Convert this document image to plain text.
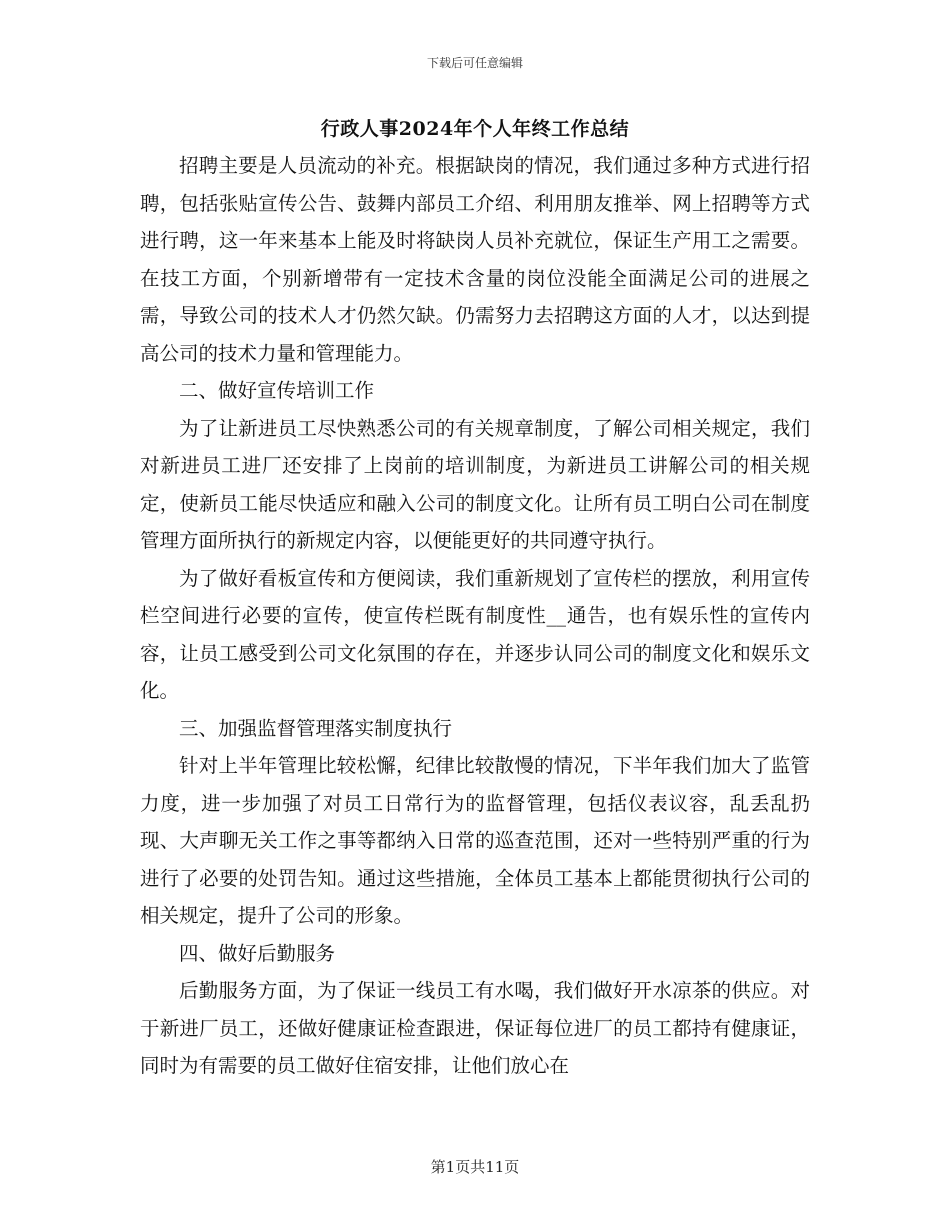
下载后可任意编辑
行政人事2024年个人年终工作总结

招聘主要是人员流动的补充。根据缺岗的情况，我们通过多种方式进行招聘，包括张贴宣传公告、鼓舞内部员工介绍、利用朋友推举、网上招聘等方式进行聘，这一年来基本上能及时将缺岗人员补充就位，保证生产用工之需要。在技工方面，个别新增带有一定技术含量的岗位没能全面满足公司的进展之需，导致公司的技术人才仍然欠缺。仍需努力去招聘这方面的人才，以达到提高公司的技术力量和管理能力。

二、做好宣传培训工作

为了让新进员工尽快熟悉公司的有关规章制度，了解公司相关规定，我们对新进员工进厂还安排了上岗前的培训制度，为新进员工讲解公司的相关规定，使新员工能尽快适应和融入公司的制度文化。让所有员工明白公司在制度管理方面所执行的新规定内容，以便能更好的共同遵守执行。

为了做好看板宣传和方便阅读，我们重新规划了宣传栏的摆放，利用宣传栏空间进行必要的宣传，使宣传栏既有制度性__通告，也有娱乐性的宣传内容，让员工感受到公司文化氛围的存在，并逐步认同公司的制度文化和娱乐文化。

三、加强监督管理落实制度执行

针对上半年管理比较松懈，纪律比较散慢的情况，下半年我们加大了监管力度，进一步加强了对员工日常行为的监督管理，包括仪表议容，乱丢乱扔现、大声聊无关工作之事等都纳入日常的巡查范围，还对一些特别严重的行为进行了必要的处罚告知。通过这些措施，全体员工基本上都能贯彻执行公司的相关规定，提升了公司的形象。

四、做好后勤服务

后勤服务方面，为了保证一线员工有水喝，我们做好开水凉茶的供应。对于新进厂员工，还做好健康证检查跟进，保证每位进厂的员工都持有健康证，同时为有需要的员工做好住宿安排，让他们放心在

第1页共11页
